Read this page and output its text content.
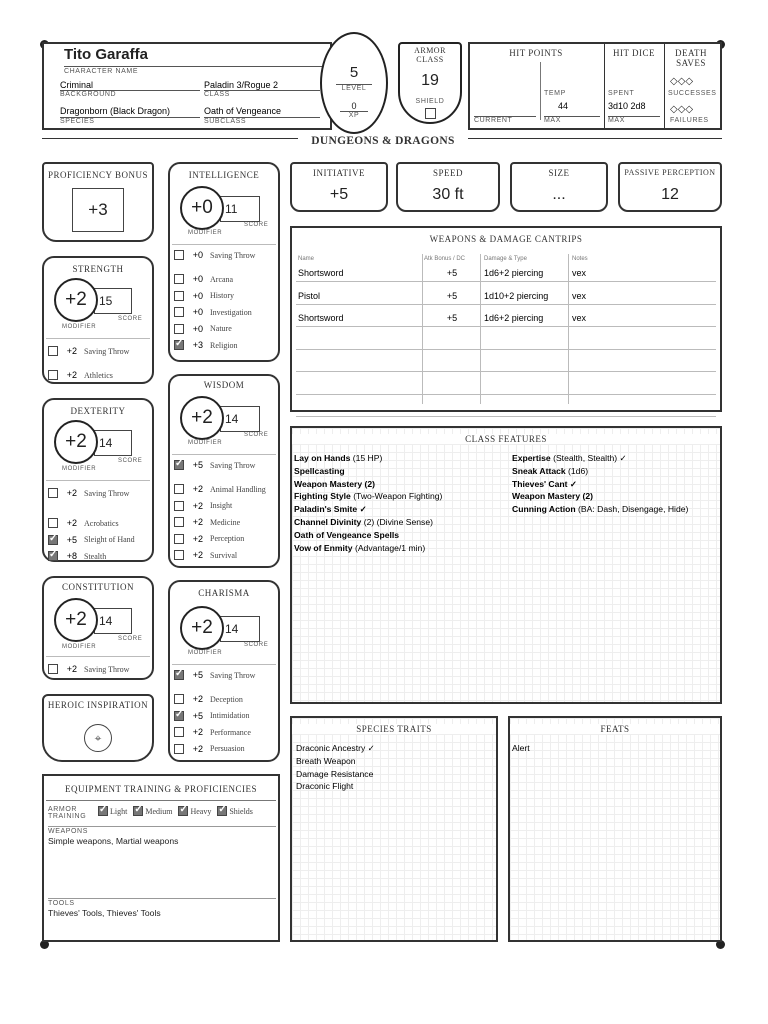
Tito Garaffa
CHARACTER NAME
Criminal
BACKGROUND
Paladin 3/Rogue 2
CLASS
Dragonborn (Black Dragon)
SPECIES
Oath of Vengeance
SUBCLASS
5
LEVEL
0
XP
ARMOR CLASS
19
SHIELD
HIT POINTS
TEMP
44
CURRENT	MAX
HIT DICE
SPENT
3d10 2d8
MAX
DEATH SAVES
◇◇◇
SUCCESSES
◇◇◇
FAILURES
DUNGEONS & DRAGONS
PROFICIENCY BONUS
+3
STRENGTH
15
+2
MODIFIER
SCORE
+2 Saving Throw
+2 Athletics
DEXTERITY
14
+2
MODIFIER
SCORE
+2 Saving Throw
+2 Acrobatics
✓
+5 Sleight of Hand
✓
+8 Stealth
CONSTITUTION
14
+2
MODIFIER
SCORE
+2 Saving Throw
HEROIC INSPIRATION
⌖
INTELLIGENCE
11
+0
MODIFIER
SCORE
+0 Saving Throw
+0 Arcana
+0 History
+0 Investigation
+0 Nature
✓
+3 Religion
WISDOM
14
+2
MODIFIER
SCORE
✓
+5 Saving Throw
+2 Animal Handling
+2 Insight
+2 Medicine
+2 Perception
+2 Survival
CHARISMA
14
+2
MODIFIER
SCORE
✓
+5 Saving Throw
+2 Deception
✓
+5 Intimidation
+2 Performance
+2 Persuasion
EQUIPMENT TRAINING & PROFICIENCIES
ARMOR TRAINING
✓
Light ✓ Medium ✓ Heavy ✓ Shields
WEAPONS
Simple weapons, Martial weapons
TOOLS
Thieves' Tools, Thieves' Tools
INITIATIVE
+5
SPEED
30 ft
SIZE
...
PASSIVE PERCEPTION
12
WEAPONS & DAMAGE CANTRIPS
Name	Atk Bonus / DC	Damage & Type	Notes
Shortsword	+5	1d6+2 piercing	vex
Pistol	+5	1d10+2 piercing	vex
Shortsword	+5	1d6+2 piercing	vex
CLASS FEATURES
Lay on Hands (15 HP)
Spellcasting
Weapon Mastery (2)
Fighting Style (Two-Weapon Fighting)
Paladin's Smite ✓
Channel Divinity (2) (Divine Sense)
Oath of Vengeance Spells
Vow of Enmity (Advantage/1 min)
Expertise (Stealth, Stealth) ✓
Sneak Attack (1d6)
Thieves' Cant ✓
Weapon Mastery (2)
Cunning Action (BA: Dash, Disengage, Hide)
SPECIES TRAITS
Draconic Ancestry ✓
Breath Weapon
Damage Resistance
Draconic Flight
FEATS
Alert
